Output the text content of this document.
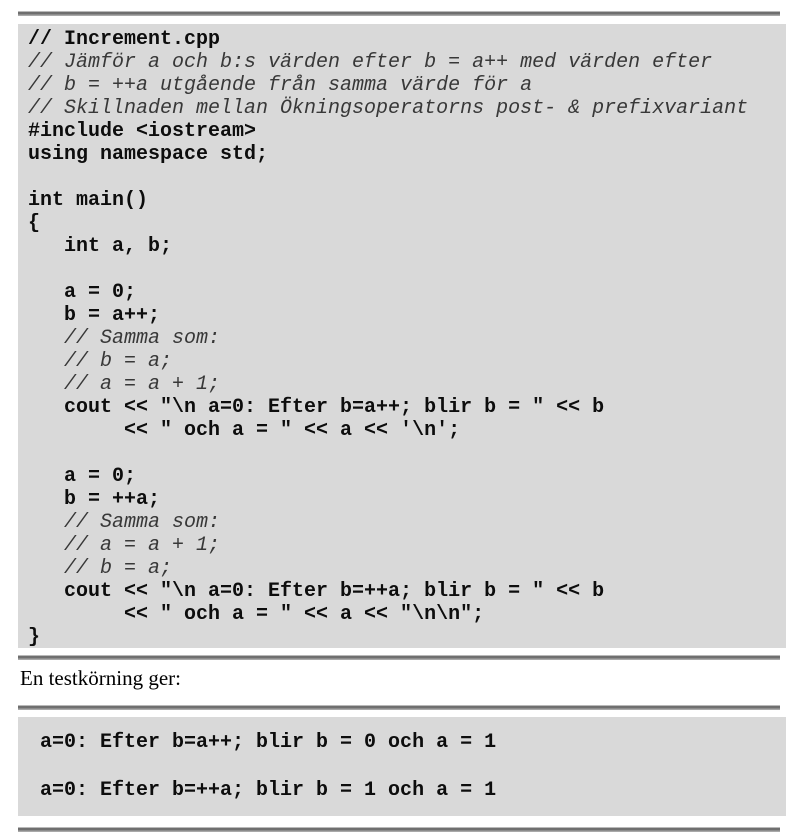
// Increment.cpp
// Jämför a och b:s värden efter b = a++ med värden efter
// b = ++a utgående från samma värde för a
// Skillnaden mellan Ökningsoperatorns post- & prefixvariant
#include <iostream>
using namespace std;

int main()
{
int a, b;

a = 0;
b = a++;
// Samma som:
// b = a;
// a = a + 1;
cout << "\n a=0: Efter b=a++; blir b = " << b
<< " och a = " << a << '\n';

a = 0;
b = ++a;
// Samma som:
// a = a + 1;
// b = a;
cout << "\n a=0: Efter b=++a; blir b = " << b
<< " och a = " << a << "\n\n";
}

En testkörning ger:

a=0: Efter b=a++; blir b = 0 och a = 1

a=0: Efter b=++a; blir b = 1 och a = 1
